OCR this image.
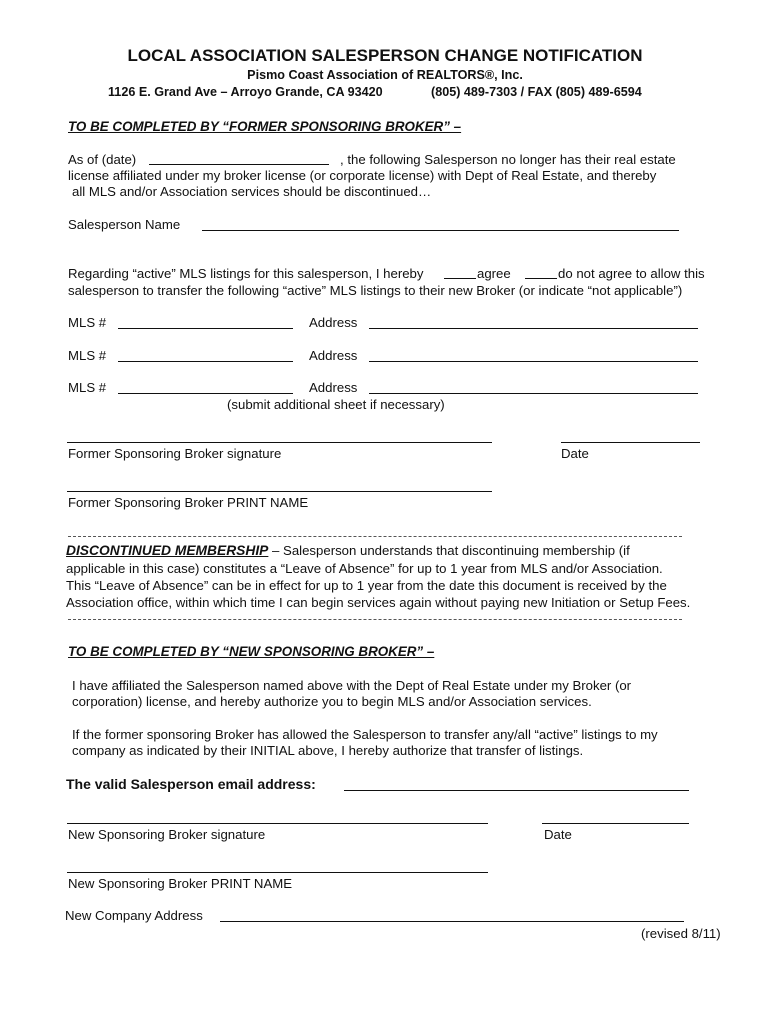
LOCAL ASSOCIATION SALESPERSON CHANGE NOTIFICATION
Pismo Coast Association of REALTORS®, Inc.
1126 E. Grand Ave – Arroyo Grande, CA 93420	(805) 489-7303 / FAX (805) 489-6594
TO BE COMPLETED BY “FORMER SPONSORING BROKER” –
As of (date)	, the following Salesperson no longer has their real estate
license affiliated under my broker license (or corporate license) with Dept of Real Estate, and thereby
all MLS and/or Association services should be discontinued…
Salesperson Name
Regarding “active” MLS listings for this salesperson, I hereby	agree	do not agree to allow this
salesperson to transfer the following “active” MLS listings to their new Broker (or indicate “not applicable”)
MLS #	Address
MLS #	Address
MLS #	Address
(submit additional sheet if necessary)
Former Sponsoring Broker signature	Date
Former Sponsoring Broker PRINT NAME
DISCONTINUED MEMBERSHIP – Salesperson understands that discontinuing membership (if
applicable in this case) constitutes a “Leave of Absence” for up to 1 year from MLS and/or Association.
This “Leave of Absence” can be in effect for up to 1 year from the date this document is received by the
Association office, within which time I can begin services again without paying new Initiation or Setup Fees.
TO BE COMPLETED BY “NEW SPONSORING BROKER” –
I have affiliated the Salesperson named above with the Dept of Real Estate under my Broker (or
corporation) license, and hereby authorize you to begin MLS and/or Association services.
If the former sponsoring Broker has allowed the Salesperson to transfer any/all “active” listings to my
company as indicated by their INITIAL above, I hereby authorize that transfer of listings.
The valid Salesperson email address:
New Sponsoring Broker signature	Date
New Sponsoring Broker PRINT NAME
New Company Address
(revised 8/11)
